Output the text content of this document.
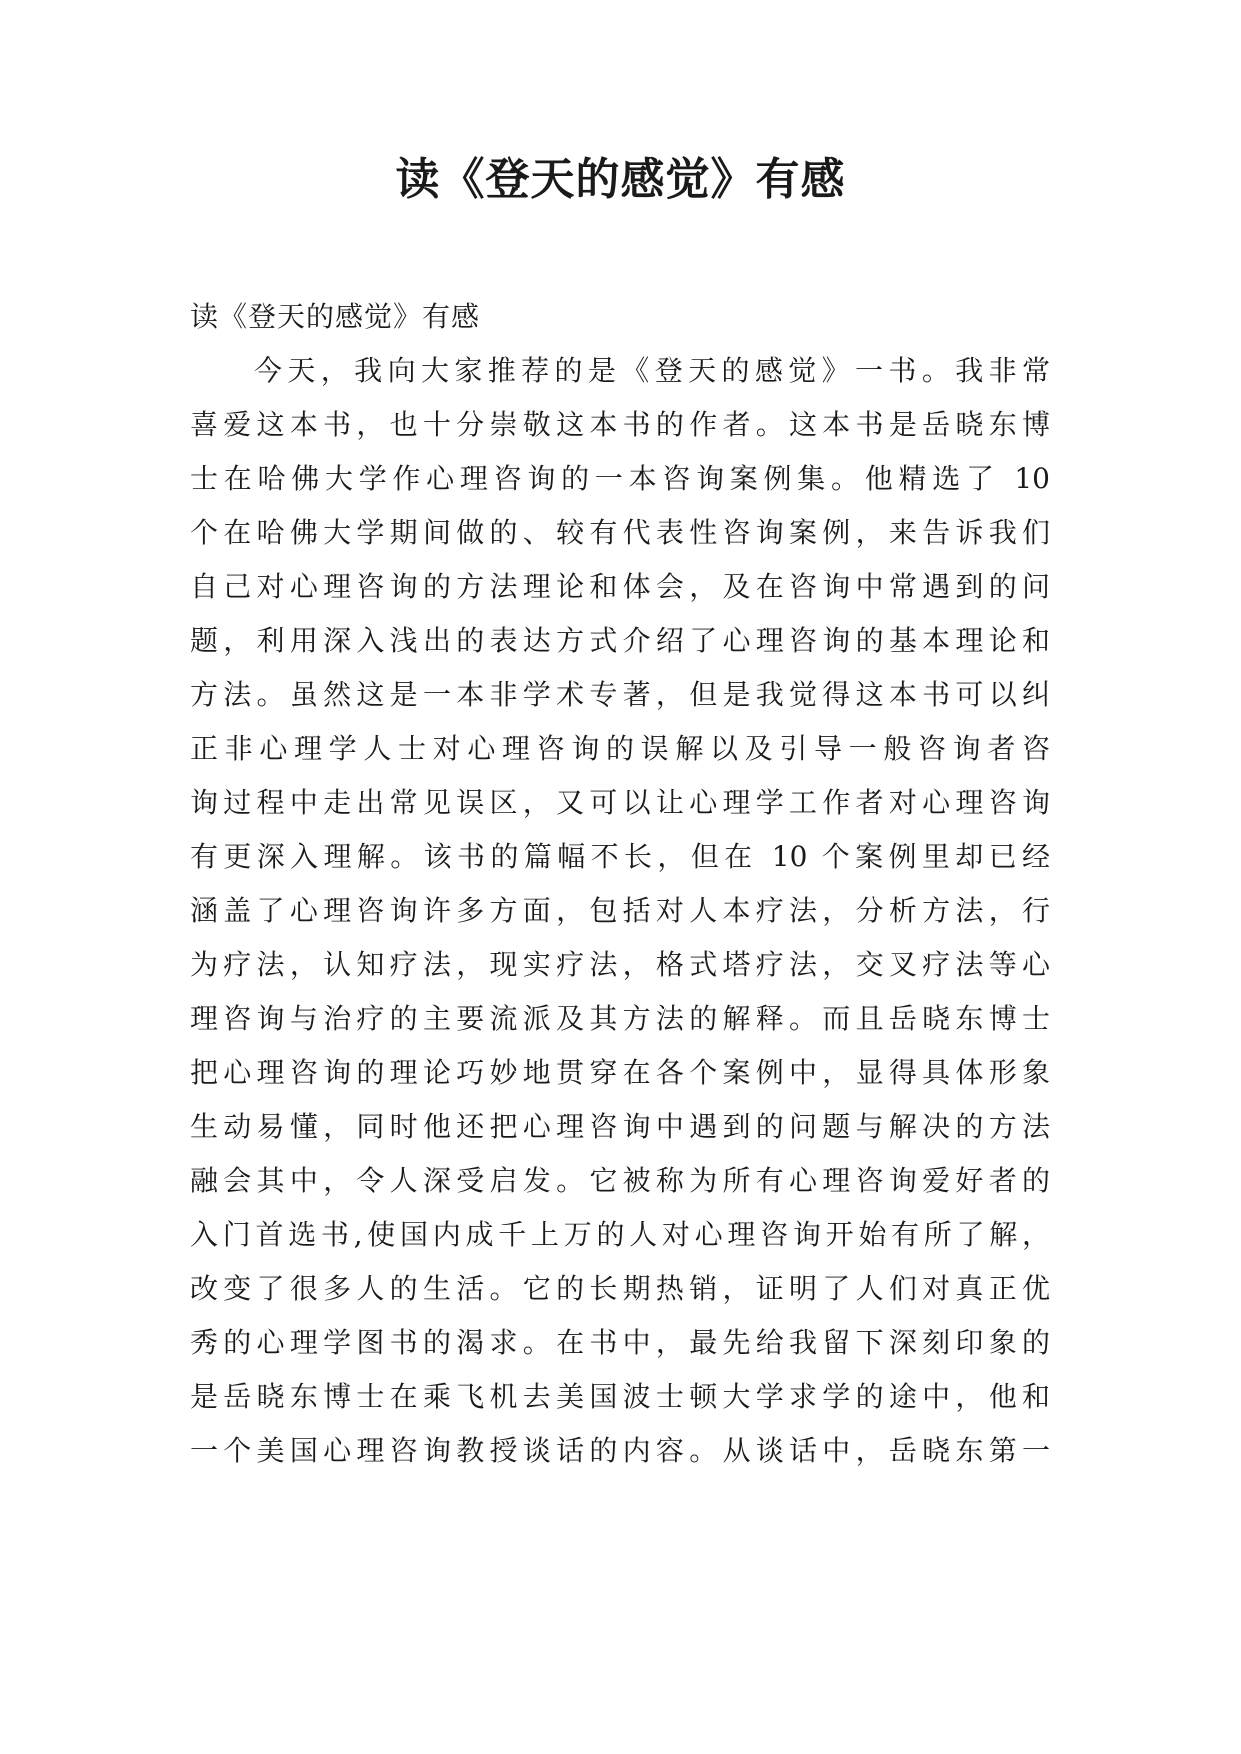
读《登天的感觉》有感
读《登天的感觉》有感
今天，我向大家推荐的是《登天的感觉》一书。我非常
喜爱这本书，也十分崇敬这本书的作者。这本书是岳晓东博
士在哈佛大学作心理咨询的一本咨询案例集。他精选了 10
个在哈佛大学期间做的、较有代表性咨询案例，来告诉我们
自己对心理咨询的方法理论和体会，及在咨询中常遇到的问
题，利用深入浅出的表达方式介绍了心理咨询的基本理论和
方法。虽然这是一本非学术专著，但是我觉得这本书可以纠
正非心理学人士对心理咨询的误解以及引导一般咨询者咨
询过程中走出常见误区，又可以让心理学工作者对心理咨询
有更深入理解。该书的篇幅不长，但在 10 个案例里却已经
涵盖了心理咨询许多方面，包括对人本疗法，分析方法，行
为疗法，认知疗法，现实疗法，格式塔疗法，交叉疗法等心
理咨询与治疗的主要流派及其方法的解释。而且岳晓东博士
把心理咨询的理论巧妙地贯穿在各个案例中，显得具体形象
生动易懂，同时他还把心理咨询中遇到的问题与解决的方法
融会其中，令人深受启发。它被称为所有心理咨询爱好者的
入门首选书,使国内成千上万的人对心理咨询开始有所了解，
改变了很多人的生活。它的长期热销，证明了人们对真正优
秀的心理学图书的渴求。在书中，最先给我留下深刻印象的
是岳晓东博士在乘飞机去美国波士顿大学求学的途中，他和
一个美国心理咨询教授谈话的内容。从谈话中，岳晓东第一
